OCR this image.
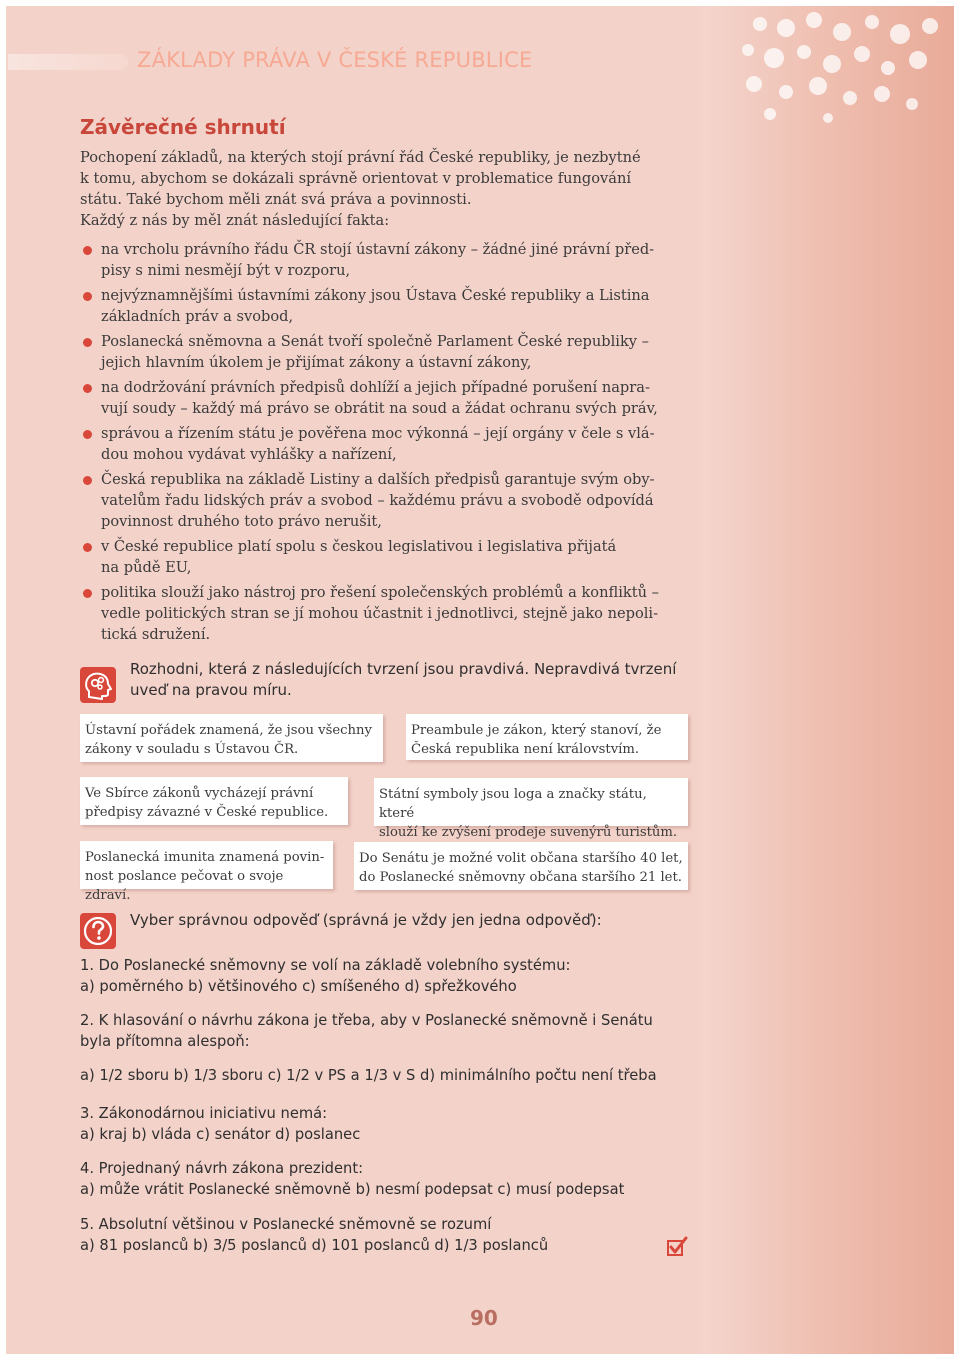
ZÁKLADY PRÁVA V ČESKÉ REPUBLICE
Závěrečné shrnutí

Pochopení základů, na kterých stojí právní řád České republiky, je nezbytné

k tomu, abychom se dokázali správně orientovat v problematice fungování

státu. Také bychom měli znát svá práva a povinnosti.

Každý z nás by měl znát následující fakta:

na vrcholu právního řádu ČR stojí ústavní zákony – žádné jiné právní před-
pisy s nimi nesmějí být v rozporu,
nejvýznamnějšími ústavními zákony jsou Ústava České republiky a Listina
základních práv a svobod,
Poslanecká sněmovna a Senát tvoří společně Parlament České republiky –
jejich hlavním úkolem je přijímat zákony a ústavní zákony,
na dodržování právních předpisů dohlíží a jejich případné porušení napra-
vují soudy – každý má právo se obrátit na soud a žádat ochranu svých práv,
správou a řízením státu je pověřena moc výkonná – její orgány v čele s vlá-
dou mohou vydávat vyhlášky a nařízení,
Česká republika na základě Listiny a dalších předpisů garantuje svým oby-
vatelům řadu lidských práv a svobod – každému právu a svobodě odpovídá
povinnost druhého toto právo nerušit,
v České republice platí spolu s českou legislativou i legislativa přijatá
na půdě EU,
politika slouží jako nástroj pro řešení společenských problémů a konfliktů –
vedle politických stran se jí mohou účastnit i jednotlivci, stejně jako nepoli-
tická sdružení.
Rozhodni, která z následujících tvrzení jsou pravdivá. Nepravdivá tvrzení
uveď na pravou míru.
Ústavní pořádek znamená, že jsou všechny
zákony v souladu s Ústavou ČR.
Preambule je zákon, který stanoví, že
Česká republika není královstvím.
Ve Sbírce zákonů vycházejí právní
předpisy závazné v České republice.
Státní symboly jsou loga a značky státu, které
slouží ke zvýšení prodeje suvenýrů turistům.
Poslanecká imunita znamená povin-
nost poslance pečovat o svoje zdraví.
Do Senátu je možné volit občana staršího 40 let,
do Poslanecké sněmovny občana staršího 21 let.
Vyber správnou odpověď (správná je vždy jen jedna odpověď):
1. Do Poslanecké sněmovny se volí na základě volebního systému:
a) poměrného b) většinového c) smíšeného d) spřežkového
2. K hlasování o návrhu zákona je třeba, aby v Poslanecké sněmovně i Senátu
byla přítomna alespoň:
a) 1/2 sboru b) 1/3 sboru c) 1/2 v PS a 1/3 v S d) minimálního počtu není třeba
3. Zákonodárnou iniciativu nemá:
a) kraj b) vláda c) senátor d) poslanec
4. Projednaný návrh zákona prezident:
a) může vrátit Poslanecké sněmovně b) nesmí podepsat c) musí podepsat
5. Absolutní většinou v Poslanecké sněmovně se rozumí
a) 81 poslanců b) 3/5 poslanců d) 101 poslanců d) 1/3 poslanců
90
